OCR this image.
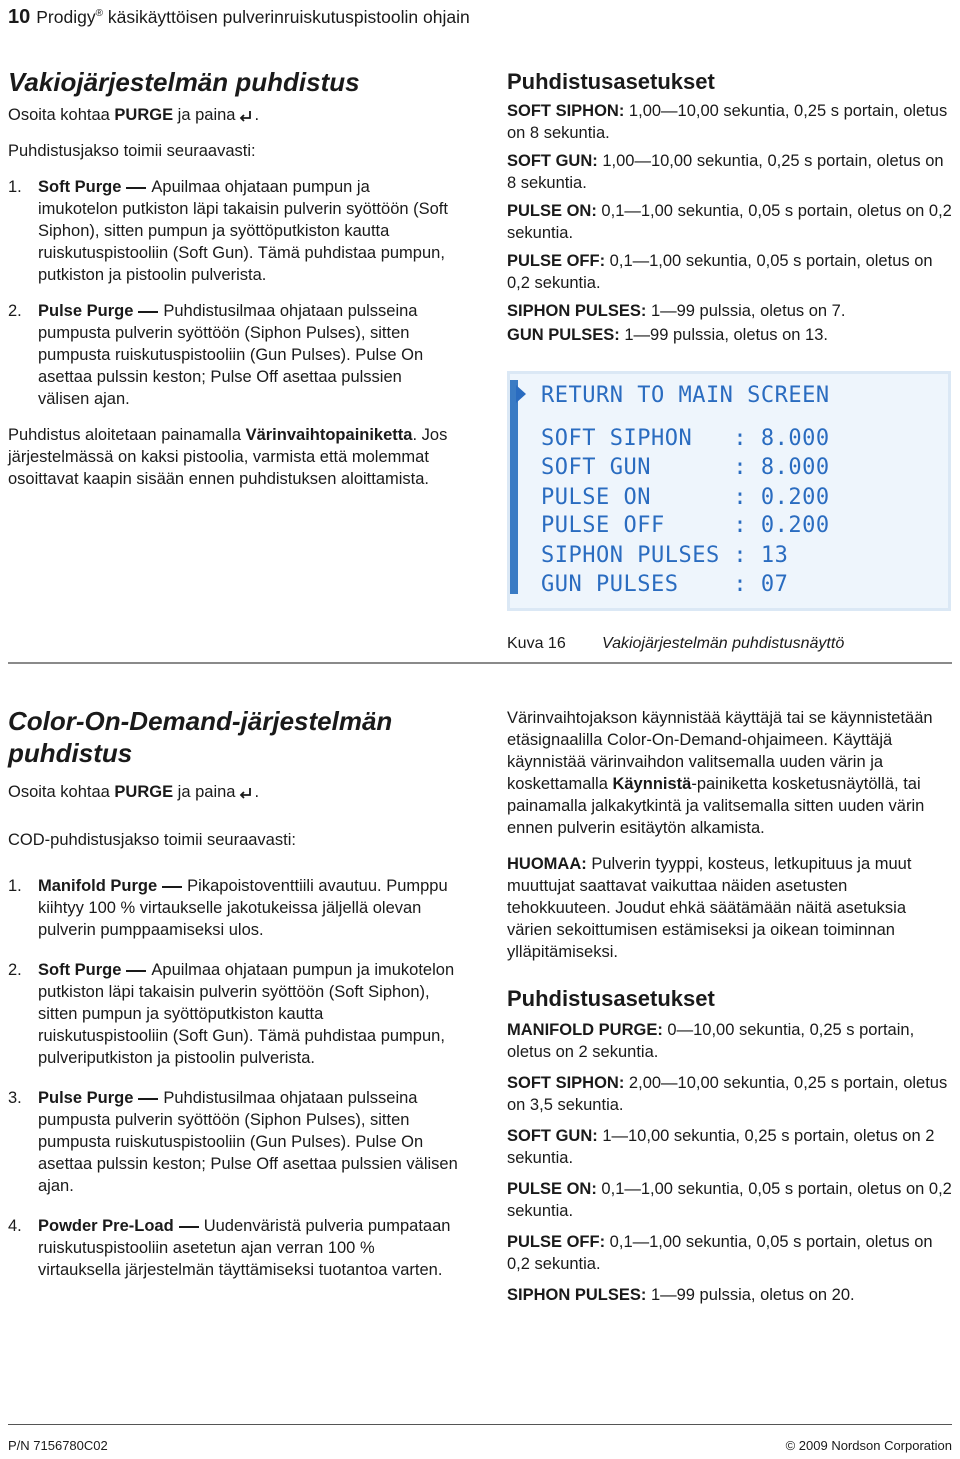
10 Prodigy® käsikäyttöisen pulverinruiskutuspistoolin ohjain
Vakiojärjestelmän puhdistus

Osoita kohtaa PURGE ja paina .

Puhdistusjakso toimii seuraavasti:

1. Soft Purge Apuilmaa ohjataan pumpun ja imukotelon putkiston läpi takaisin pulverin syöttöön (Soft Siphon), sitten pumpun ja syöttöputkiston kautta ruiskutuspistooliin (Soft Gun). Tämä puhdistaa pumpun, putkiston ja pistoolin pulverista.
2. Pulse Purge Puhdistusilmaa ohjataan pulsseina pumpusta pulverin syöttöön (Siphon Pulses), sitten pumpusta ruiskutuspistooliin (Gun Pulses). Pulse On asettaa pulssin keston; Pulse Off asettaa pulssien välisen ajan.

Puhdistus aloitetaan painamalla Värinvaihtopainiketta. Jos järjestelmässä on kaksi pistoolia, varmista että molemmat osoittavat kaapin sisään ennen puhdistuksen aloittamista.

Puhdistusasetukset

SOFT SIPHON: 1,00—10,00 sekuntia, 0,25 s portain, oletus on 8 sekuntia.

SOFT GUN: 1,00—10,00 sekuntia, 0,25 s portain, oletus on 8 sekuntia.

PULSE ON: 0,1—1,00 sekuntia, 0,05 s portain, oletus on 0,2 sekuntia.

PULSE OFF: 0,1—1,00 sekuntia, 0,05 s portain, oletus on 0,2 sekuntia.

SIPHON PULSES: 1—99 pulssia, oletus on 7.

GUN PULSES: 1—99 pulssia, oletus on 13.

RETURN TO MAIN SCREEN
SOFT SIPHON   : 8.000
SOFT GUN      : 8.000
PULSE ON      : 0.200
PULSE OFF     : 0.200
SIPHON PULSES : 13
GUN PULSES    : 07
Kuva 16 Vakiojärjestelmän puhdistusnäyttö
Color-On-Demand-järjestelmän
puhdistus

Osoita kohtaa PURGE ja paina .

COD-puhdistusjakso toimii seuraavasti:

1. Manifold Purge Pikapoistoventtiili avautuu. Pumppu kiihtyy 100 % virtaukselle jakotukeissa jäljellä olevan pulverin pumppaamiseksi ulos.
2. Soft Purge Apuilmaa ohjataan pumpun ja imukotelon putkiston läpi takaisin pulverin syöttöön (Soft Siphon), sitten pumpun ja syöttöputkiston kautta ruiskutuspistooliin (Soft Gun). Tämä puhdistaa pumpun, pulveriputkiston ja pistoolin pulverista.
3. Pulse Purge Puhdistusilmaa ohjataan pulsseina pumpusta pulverin syöttöön (Siphon Pulses), sitten pumpusta ruiskutuspistooliin (Gun Pulses). Pulse On asettaa pulssin keston; Pulse Off asettaa pulssien välisen ajan.
4. Powder Pre-Load Uudenväristä pulveria pumpataan ruiskutuspistooliin asetetun ajan verran 100 % virtauksella järjestelmän täyttämiseksi tuotantoa varten.

Värinvaihtojakson käynnistää käyttäjä tai se käynnistetään etäsignaalilla Color-On-Demand-ohjaimeen. Käyttäjä käynnistää värinvaihdon valitsemalla uuden värin ja koskettamalla Käynnistä-painiketta kosketusnäytöllä, tai painamalla jalkakytkintä ja valitsemalla sitten uuden värin ennen pulverin esitäytön alkamista.

HUOMAA: Pulverin tyyppi, kosteus, letkupituus ja muut muuttujat saattavat vaikuttaa näiden asetusten tehokkuuteen. Joudut ehkä säätämään näitä asetuksia värien sekoittumisen estämiseksi ja oikean toiminnan ylläpitämiseksi.

Puhdistusasetukset

MANIFOLD PURGE: 0—10,00 sekuntia, 0,25 s portain, oletus on 2 sekuntia.

SOFT SIPHON: 2,00—10,00 sekuntia, 0,25 s portain, oletus on 3,5 sekuntia.

SOFT GUN: 1—10,00 sekuntia, 0,25 s portain, oletus on 2 sekuntia.

PULSE ON: 0,1—1,00 sekuntia, 0,05 s portain, oletus on 0,2 sekuntia.

PULSE OFF: 0,1—1,00 sekuntia, 0,05 s portain, oletus on 0,2 sekuntia.

SIPHON PULSES: 1—99 pulssia, oletus on 20.

P/N 7156780C02	© 2009 Nordson Corporation
